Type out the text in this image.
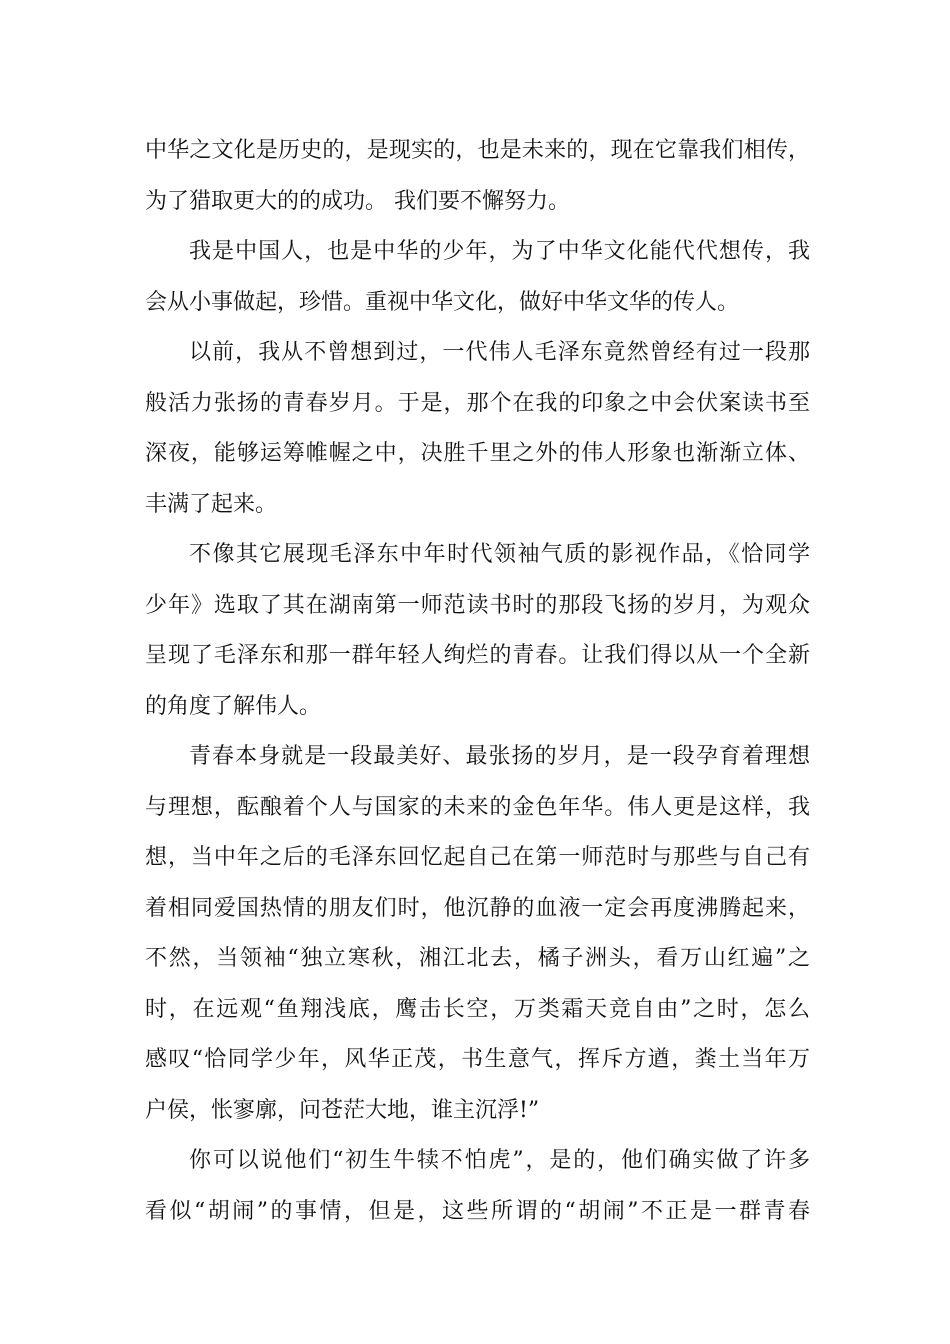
中华之文化是历史的，是现实的，也是未来的，现在它靠我们相传，
为了猎取更大的的成功。 我们要不懈努力。
我是中国人，也是中华的少年，为了中华文化能代代想传，我
会从小事做起，珍惜。重视中华文化，做好中华文华的传人。
以前，我从不曾想到过，一代伟人毛泽东竟然曾经有过一段那
般活力张扬的青春岁月。于是，那个在我的印象之中会伏案读书至
深夜，能够运筹帷幄之中，决胜千里之外的伟人形象也渐渐立体、
丰满了起来。
不像其它展现毛泽东中年时代领袖气质的影视作品，《恰同学
少年》选取了其在湖南第一师范读书时的那段飞扬的岁月，为观众
呈现了毛泽东和那一群年轻人绚烂的青春。让我们得以从一个全新
的角度了解伟人。
青春本身就是一段最美好、最张扬的岁月，是一段孕育着理想
与理想，酝酿着个人与国家的未来的金色年华。伟人更是这样，我
想，当中年之后的毛泽东回忆起自己在第一师范时与那些与自己有
着相同爱国热情的朋友们时，他沉静的血液一定会再度沸腾起来，
不然，当领袖“独立寒秋，湘江北去，橘子洲头，看万山红遍”之
时，在远观“鱼翔浅底，鹰击长空，万类霜天竞自由”之时，怎么
感叹“恰同学少年，风华正茂，书生意气，挥斥方遒，粪土当年万
户侯，怅寥廓，问苍茫大地，谁主沉浮!”
你可以说他们“初生牛犊不怕虎”，是的，他们确实做了许多
看似“胡闹”的事情，但是，这些所谓的“胡闹”不正是一群青春
